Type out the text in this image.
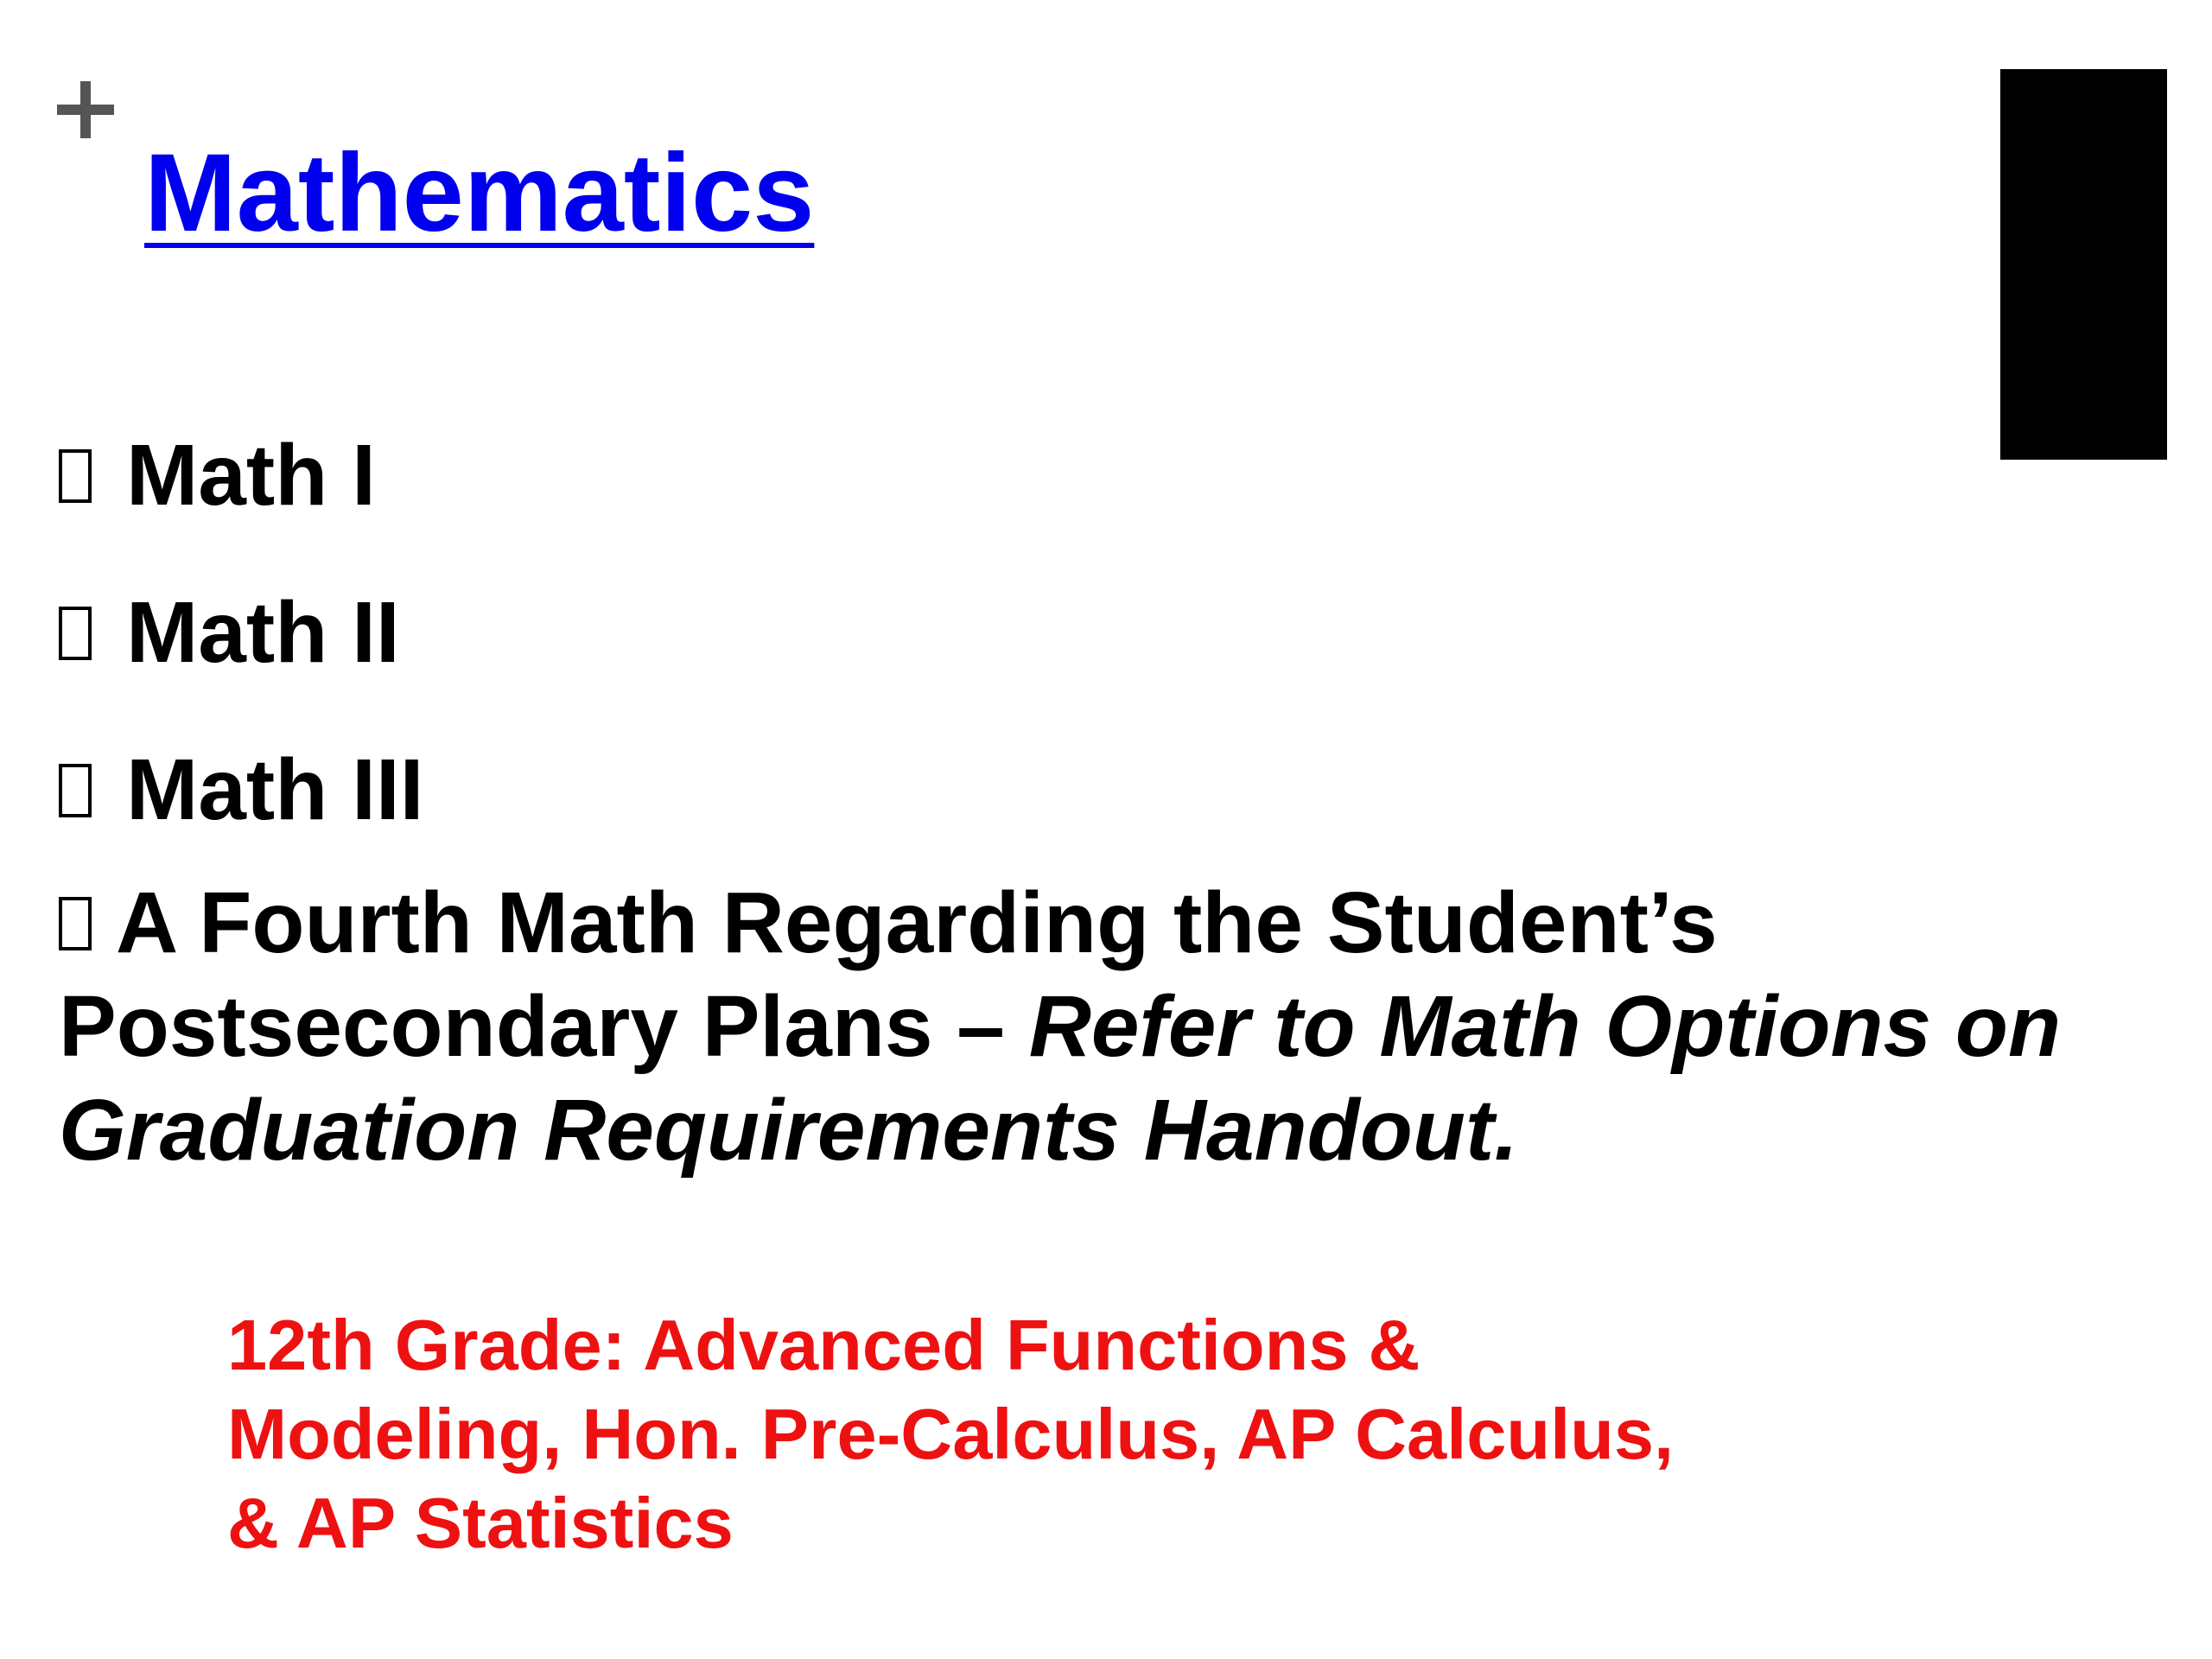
Mathematics
Math I
Math II
Math III
A Fourth Math Regarding the Student’s Postsecondary Plans – Refer to Math Options on Graduation Requirements Handout.
12th Grade: Advanced Functions &
Modeling, Hon. Pre-Calculus, AP Calculus,
& AP Statistics
